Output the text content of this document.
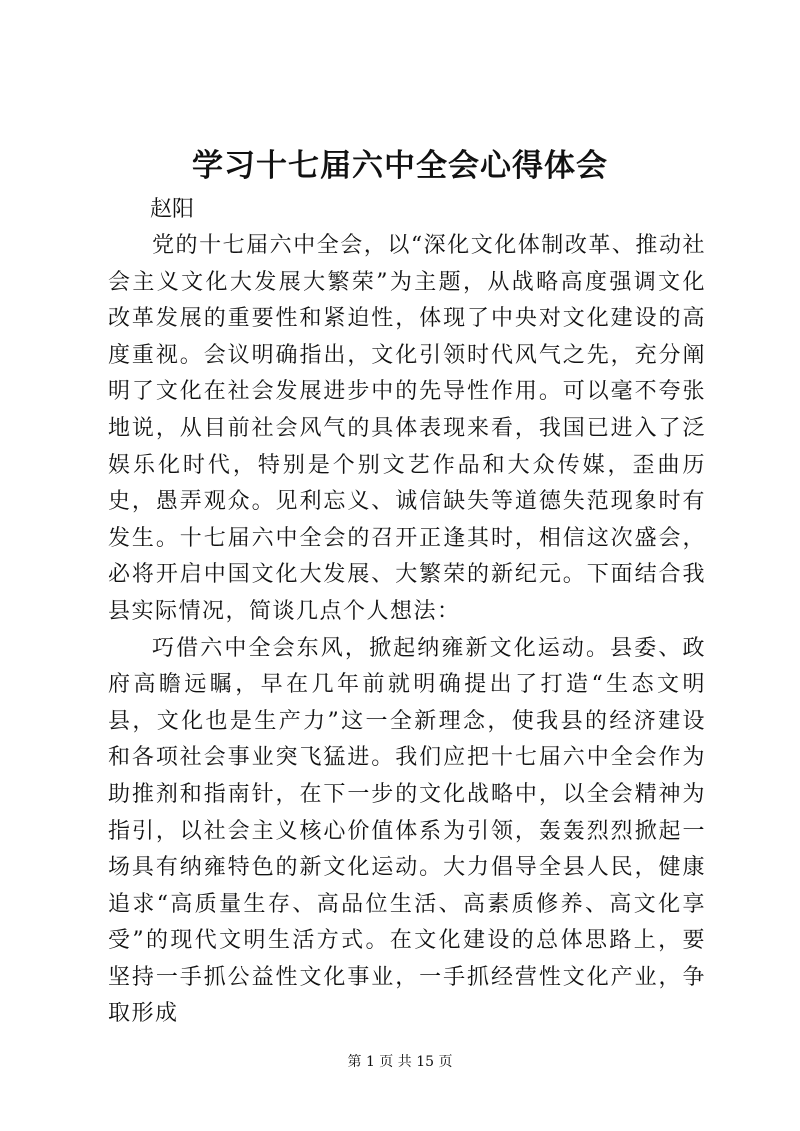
学习十七届六中全会心得体会

赵阳

党的十七届六中全会，以“深化文化体制改革、推动社会主义文化大发展大繁荣”为主题，从战略高度强调文化改革发展的重要性和紧迫性，体现了中央对文化建设的高度重视。会议明确指出，文化引领时代风气之先，充分阐明了文化在社会发展进步中的先导性作用。可以毫不夸张地说，从目前社会风气的具体表现来看，我国已进入了泛娱乐化时代，特别是个别文艺作品和大众传媒，歪曲历史，愚弄观众。见利忘义、诚信缺失等道德失范现象时有发生。十七届六中全会的召开正逢其时，相信这次盛会，必将开启中国文化大发展、大繁荣的新纪元。下面结合我县实际情况，简谈几点个人想法：

巧借六中全会东风，掀起纳雍新文化运动。县委、政府高瞻远瞩，早在几年前就明确提出了打造“生态文明县，文化也是生产力”这一全新理念，使我县的经济建设和各项社会事业突飞猛进。我们应把十七届六中全会作为助推剂和指南针，在下一步的文化战略中，以全会精神为指引，以社会主义核心价值体系为引领，轰轰烈烈掀起一场具有纳雍特色的新文化运动。大力倡导全县人民，健康追求“高质量生存、高品位生活、高素质修养、高文化享受”的现代文明生活方式。在文化建设的总体思路上，要坚持一手抓公益性文化事业，一手抓经营性文化产业，争取形成

第 1 页 共 15 页
